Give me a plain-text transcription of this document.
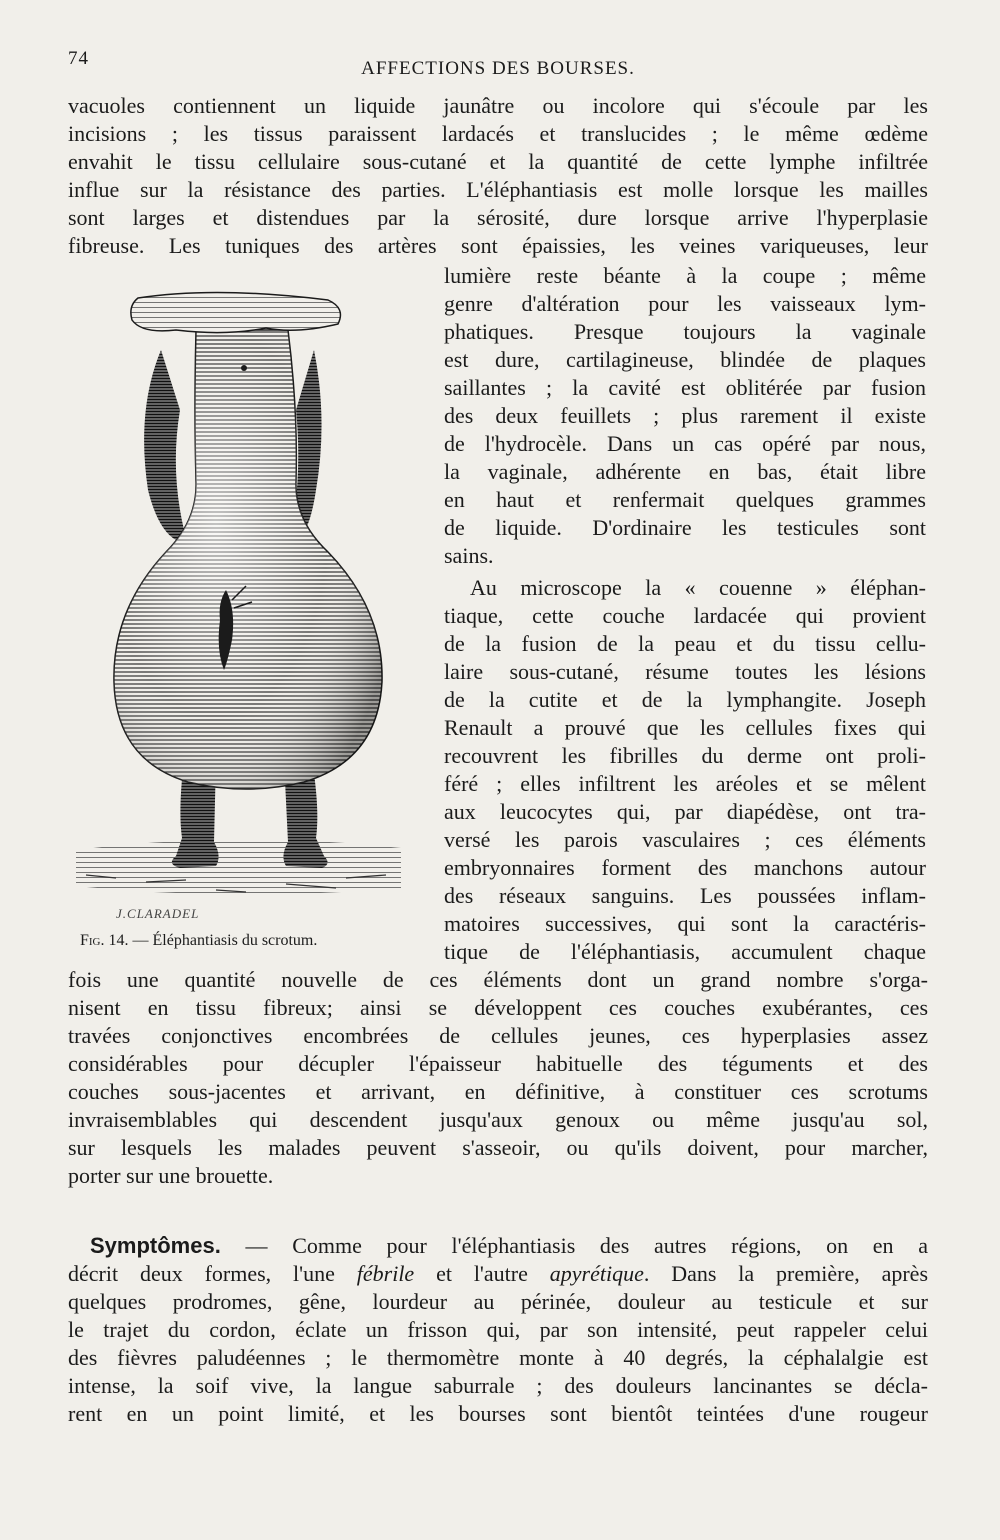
74	AFFECTIONS DES BOURSES.
vacuoles contiennent un liquide jaunâtre ou incolore qui s'écoule par les
incisions ; les tissus paraissent lardacés et translucides ; le même œdème
envahit le tissu cellulaire sous-cutané et la quantité de cette lymphe infiltrée
influe sur la résistance des parties. L'éléphantiasis est molle lorsque les mailles
sont larges et distendues par la sérosité, dure lorsque arrive l'hyperplasie
fibreuse. Les tuniques des artères sont épaissies, les veines variqueuses, leur
lumière reste béante à la coupe ; même
genre d'altération pour les vaisseaux lym-
phatiques. Presque toujours la vaginale
est dure, cartilagineuse, blindée de plaques
saillantes ; la cavité est oblitérée par fusion
des deux feuillets ; plus rarement il existe
de l'hydrocèle. Dans un cas opéré par nous,
la vaginale, adhérente en bas, était libre
en haut et renfermait quelques grammes
de liquide. D'ordinaire les testicules sont
sains.
Au microscope la « couenne » éléphan-
tiaque, cette couche lardacée qui provient
de la fusion de la peau et du tissu cellu-
laire sous-cutané, résume toutes les lésions
de la cutite et de la lymphangite. Joseph
Renault a prouvé que les cellules fixes qui
recouvrent les fibrilles du derme ont proli-
féré ; elles infiltrent les aréoles et se mêlent
aux leucocytes qui, par diapédèse, ont tra-
versé les parois vasculaires ; ces éléments
embryonnaires forment des manchons autour
des réseaux sanguins. Les poussées inflam-
matoires successives, qui sont la caractéris-
tique de l'éléphantiasis, accumulent chaque
fois une quantité nouvelle de ces éléments dont un grand nombre s'orga-
nisent en tissu fibreux; ainsi se développent ces couches exubérantes, ces
travées conjonctives encombrées de cellules jeunes, ces hyperplasies assez
considérables pour décupler l'épaisseur habituelle des téguments et des
couches sous-jacentes et arrivant, en définitive, à constituer ces scrotums
invraisemblables qui descendent jusqu'aux genoux ou même jusqu'au sol,
sur lesquels les malades peuvent s'asseoir, ou qu'ils doivent, pour marcher,
porter sur une brouette.
Symptômes. — Comme pour l'éléphantiasis des autres régions, on en a
décrit deux formes, l'une fébrile et l'autre apyrétique. Dans la première, après
quelques prodromes, gêne, lourdeur au périnée, douleur au testicule et sur
le trajet du cordon, éclate un frisson qui, par son intensité, peut rappeler celui
des fièvres paludéennes ; le thermomètre monte à 40 degrés, la céphalalgie est
intense, la soif vive, la langue saburrale ; des douleurs lancinantes se décla-
rent en un point limité, et les bourses sont bientôt teintées d'une rougeur
J.CLARADEL
Fig. 14. — Éléphantiasis du scrotum.
